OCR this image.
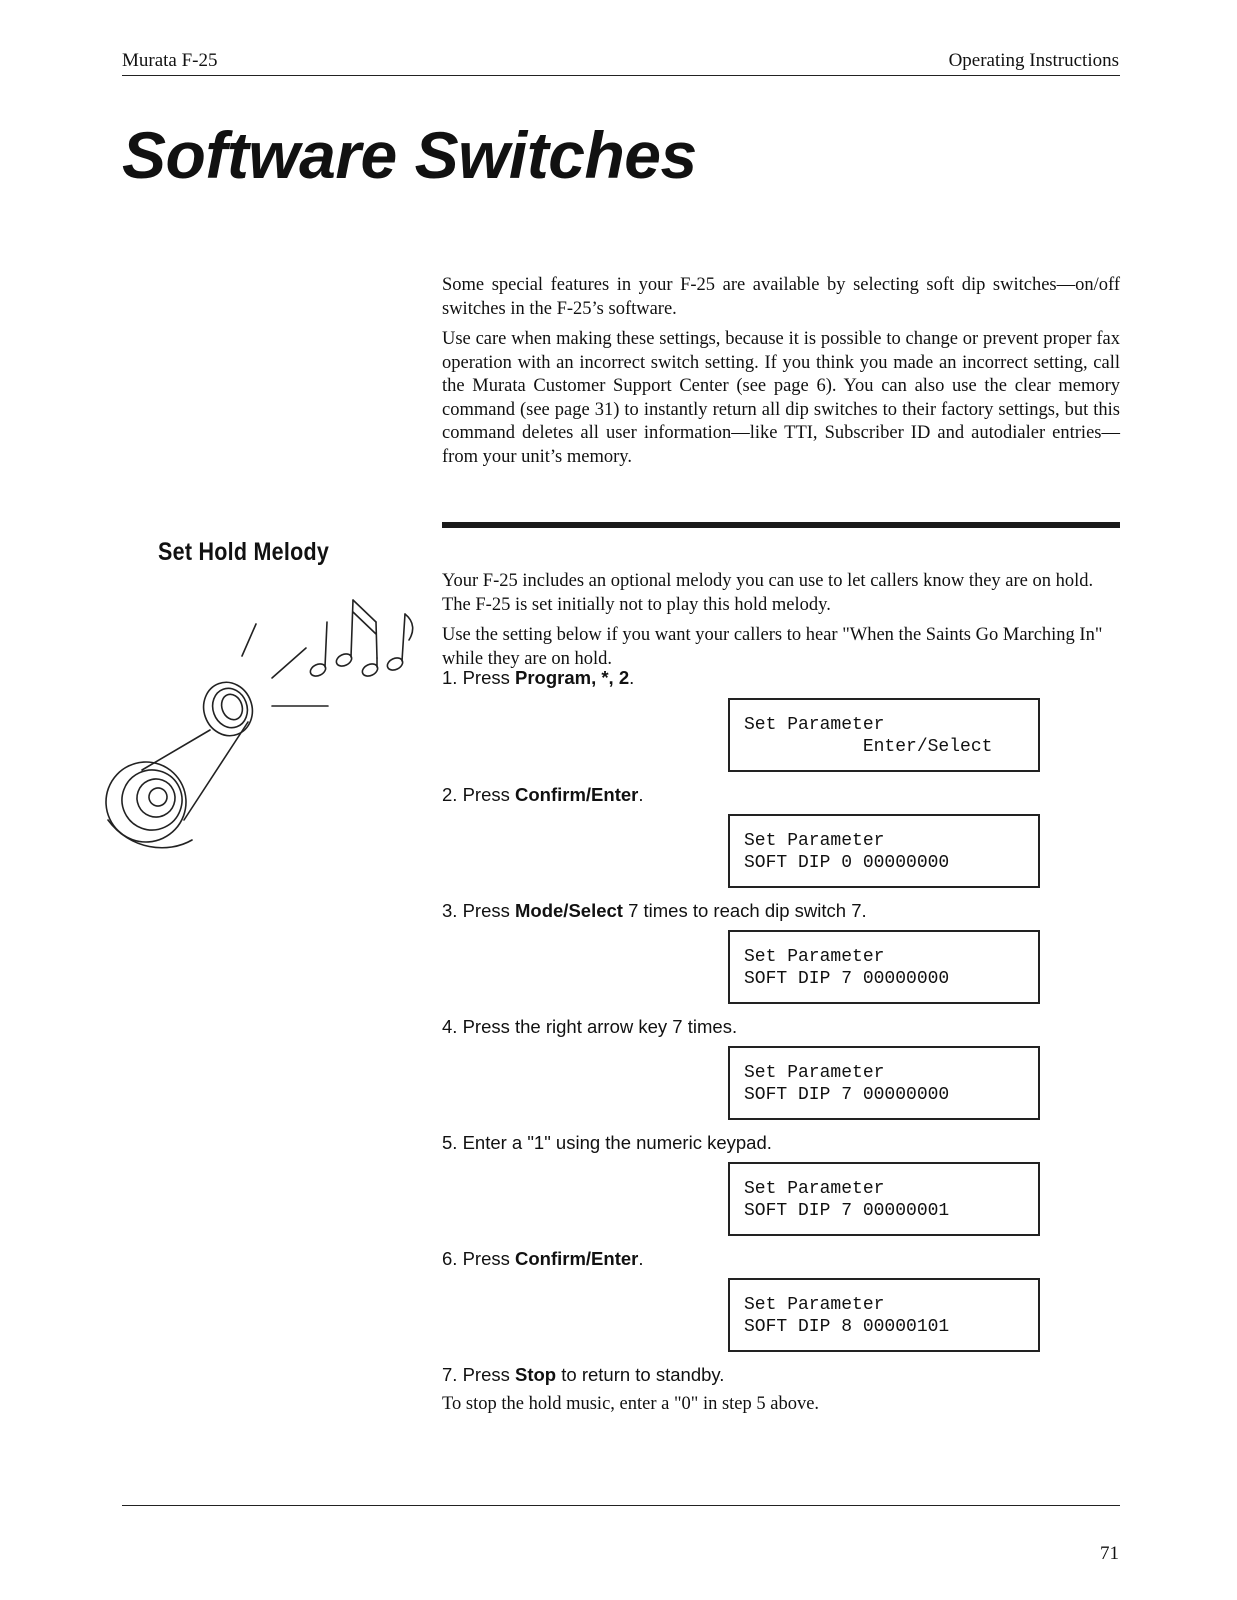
Murata F-25	Operating Instructions
Software Switches

Some special features in your F-25 are available by selecting soft dip switches—on/off switches in the F-25’s software.

Use care when making these settings, because it is possible to change or prevent proper fax operation with an incorrect switch setting. If you think you made an incorrect setting, call the Murata Customer Support Center (see page 6). You can also use the clear memory command (see page 31) to instantly return all dip switches to their factory settings, but this command deletes all user information—like TTI, Subscriber ID and autodialer entries—from your unit’s memory.

Set Hold Melody

Your F-25 includes an optional melody you can use to let callers know they are on hold. The F-25 is set initially not to play this hold melody.

Use the setting below if you want your callers to hear "When the Saints Go Marching In" while they are on hold.

1. Press Program, *, 2.
Set Parameter
Enter/Select
2. Press Confirm/Enter.
Set Parameter
SOFT DIP 0 00000000
3. Press Mode/Select 7 times to reach dip switch 7.
Set Parameter
SOFT DIP 7 00000000
4. Press the right arrow key 7 times.
Set Parameter
SOFT DIP 7 00000000
5. Enter a "1" using the numeric keypad.
Set Parameter
SOFT DIP 7 00000001
6. Press Confirm/Enter.
Set Parameter
SOFT DIP 8 00000101
7. Press Stop to return to standby.
To stop the hold music, enter a "0" in step 5 above.
71
